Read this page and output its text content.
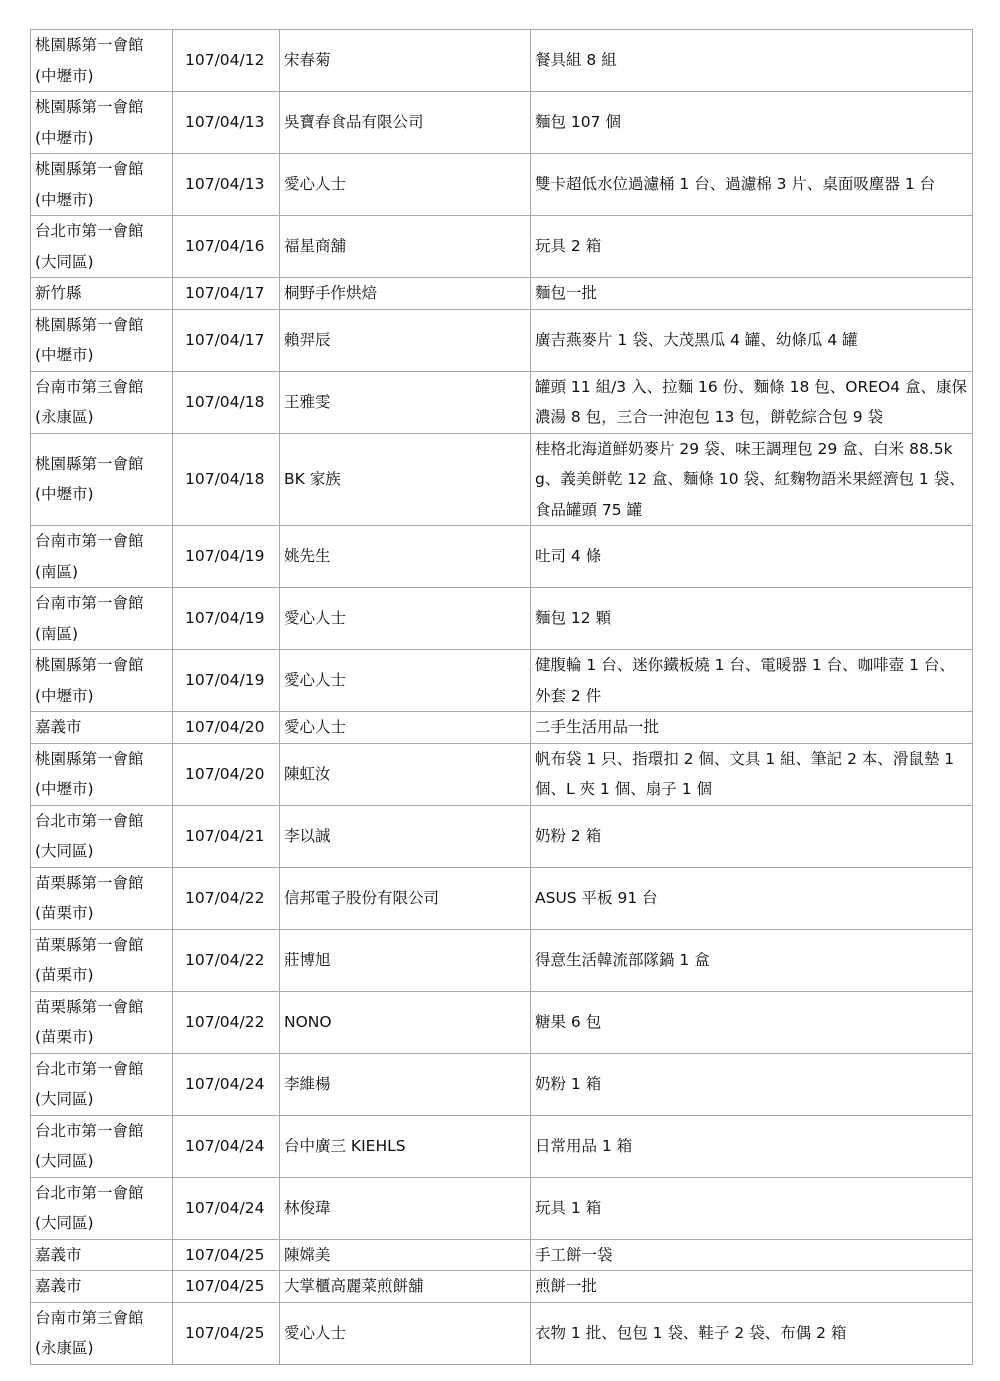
桃園縣第一會館
(中壢市)	107/04/12	宋春菊	餐具組 8 組

桃園縣第一會館
(中壢市)	107/04/13	吳寶春食品有限公司	麵包 107 個

桃園縣第一會館
(中壢市)	107/04/13	愛心人士	雙卡超低水位過濾桶 1 台、過濾棉 3 片、桌面吸塵器 1 台

台北市第一會館
(大同區)	107/04/16	福星商舖	玩具 2 箱

新竹縣	107/04/17	桐野手作烘焙	麵包一批

桃園縣第一會館
(中壢市)	107/04/17	賴羿辰	廣吉燕麥片 1 袋、大茂黑瓜 4 罐、幼條瓜 4 罐

台南市第三會館
(永康區)	107/04/18	王雅雯	罐頭 11 組/3 入、拉麵 16 份、麵條 18 包、OREO4 盒、康保濃湯 8 包，三合一沖泡包 13 包，餅乾綜合包 9 袋

桃園縣第一會館
(中壢市)	107/04/18	BK 家族	桂格北海道鮮奶麥片 29 袋、味王調理包 29 盒、白米 88.5kg、義美餅乾 12 盒、麵條 10 袋、紅麴物語米果經濟包 1 袋、食品罐頭 75 罐

台南市第一會館
(南區)	107/04/19	姚先生	吐司 4 條

台南市第一會館
(南區)	107/04/19	愛心人士	麵包 12 顆

桃園縣第一會館
(中壢市)	107/04/19	愛心人士	健腹輪 1 台、迷你鐵板燒 1 台、電暖器 1 台、咖啡壺 1 台、外套 2 件

嘉義市	107/04/20	愛心人士	二手生活用品一批

桃園縣第一會館
(中壢市)	107/04/20	陳虹汝	帆布袋 1 只、指環扣 2 個、文具 1 組、筆記 2 本、滑鼠墊 1 個、L 夾 1 個、扇子 1 個

台北市第一會館
(大同區)	107/04/21	李以誠	奶粉 2 箱

苗栗縣第一會館
(苗栗市)	107/04/22	信邦電子股份有限公司	ASUS 平板 91 台

苗栗縣第一會館
(苗栗市)	107/04/22	莊博旭	得意生活韓流部隊鍋 1 盒

苗栗縣第一會館
(苗栗市)	107/04/22	NONO	糖果 6 包

台北市第一會館
(大同區)	107/04/24	李維楊	奶粉 1 箱

台北市第一會館
(大同區)	107/04/24	台中廣三 KIEHLS	日常用品 1 箱

台北市第一會館
(大同區)	107/04/24	林俊瑋	玩具 1 箱

嘉義市	107/04/25	陳嫦美	手工餅一袋

嘉義市	107/04/25	大掌櫃高麗菜煎餅舖	煎餅一批

台南市第三會館
(永康區)	107/04/25	愛心人士	衣物 1 批、包包 1 袋、鞋子 2 袋、布偶 2 箱
